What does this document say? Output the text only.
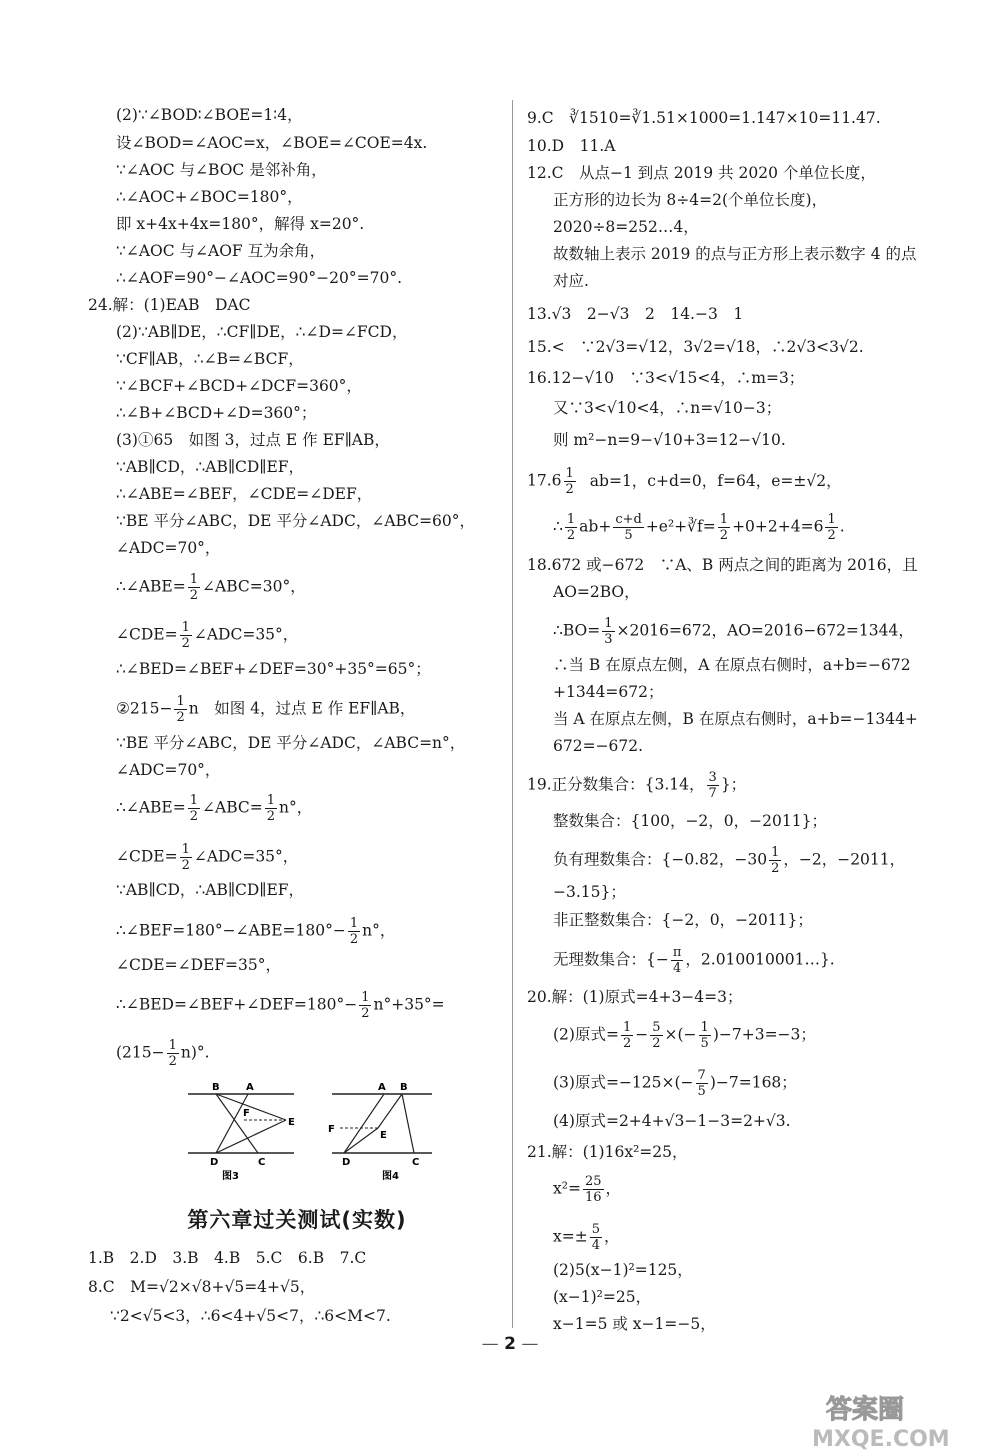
(2)∵∠BOD∶∠BOE=1∶4，
设∠BOD=∠AOC=x，∠BOE=∠COE=4x.
∵∠AOC 与∠BOC 是邻补角，
∴∠AOC+∠BOC=180°，
即 x+4x+4x=180°，解得 x=20°.
∵∠AOC 与∠AOF 互为余角，
∴∠AOF=90°−∠AOC=90°−20°=70°.
24.解：(1)EAB　DAC
(2)∵AB∥DE，∴CF∥DE，∴∠D=∠FCD，
∵CF∥AB，∴∠B=∠BCF，
∵∠BCF+∠BCD+∠DCF=360°，
∴∠B+∠BCD+∠D=360°；
(3)①65　如图 3，过点 E 作 EF∥AB，
∵AB∥CD，∴AB∥CD∥EF，
∴∠ABE=∠BEF，∠CDE=∠DEF，
∵BE 平分∠ABC，DE 平分∠ADC，∠ABC=60°，
∠ADC=70°，
∴∠ABE= $\frac{1}{2}$ ∠ABC=30°，
∠CDE= $\frac{1}{2}$ ∠ADC=35°，
∴∠BED=∠BEF+∠DEF=30°+35°=65°；
②215− $\frac{1}{2}$ n　如图 4，过点 E 作 EF∥AB，
∵BE 平分∠ABC，DE 平分∠ADC，∠ABC=n°，
∠ADC=70°，
∴∠ABE= $\frac{1}{2}$ ∠ABC= $\frac{1}{2} n^\circ$，
∠CDE= $\frac{1}{2}$ ∠ADC=35°，
∵AB∥CD，∴AB∥CD∥EF，
∴∠BEF=180°−∠ABE=180°− $\frac{1}{2} n^\circ$，
∠CDE=∠DEF=35°，
∴∠BED=∠BEF+∠DEF=180°− $\frac{1}{2} n^\circ+35^\circ=$
$(215- \frac{1}{2} n)^\circ$.
B	A
F
E
D	C
图3
A B
F
E
D	C
图4
第六章过关测试(实数)
1.B　2.D　3.B　4.B　5.C　6.B　7.C
8.C　M=√2×√8+√5=4+√5，
∵2<√5<3，∴6<4+√5<7，∴6<M<7.
9.C　∛1510=∛1.51×1000=1.147×10=11.47.
10.D　11.A
12.C　从点−1 到点 2019 共 2020 个单位长度，
正方形的边长为 8÷4=2(个单位长度)，
2020÷8=252…4，
故数轴上表示 2019 的点与正方形上表示数字 4 的点
对应.
13.√3　2−√3　2　14.−3　1
15.<　∵2√3=√12，3√2=√18，∴2√3<3√2.
16.12−√10　∵3<√15<4，∴m=3；
又∵3<√10<4，∴n=√10−3；
则 m²−n=9−√10+3=12−√10.
$17.6 \frac{1}{2} ab=1$，c+d=0，f=64，e=±√2，
∴ $\frac{1}{2} ab+ \frac{c+d}{5}$ +e²+∛f= $\frac{1}{2} +0+2+4=6 \frac{1}{2}$ .
18.672 或−672　∵A、B 两点之间的距离为 2016，且
AO=2BO，
∴BO= $\frac{1}{3} \times 2016=672$，AO=2016−672=1344，
∴当 B 在原点左侧，A 在原点右侧时，a+b=−672
+1344=672；
当 A 在原点左侧，B 在原点右侧时，a+b=−1344+
672=−672.
19.正分数集合：{3.14， $\frac{3}{7}$ }；
整数集合：{100，−2，0，−2011}；
负有理数集合：{−0.82，$-30 \frac{1}{2}$ ，−2，−2011，
−3.15}；
非正整数集合：{−2，0，−2011}；
无理数集合：{− $\frac{\pi}{4}$ ，2.010010001…}.
20.解：(1)原式=4+3−4=3；
(2)原式= $\frac{1}{2} - \frac{5}{2}$ ×(− $\frac{1}{5} )-7+3=-3$；
(3)原式$=-125\times(- \frac{7}{5} )-7=168$；
(4)原式=2+4+√3−1−3=2+√3.
21.解：(1)16x²=25，
$x^2= \frac{25}{16}$ ，
$x=\pm \frac{5}{4}$ ，
(2)5(x−1)²=125，
(x−1)²=25，
x−1=5 或 x−1=−5，
— 2 —
答案圈
MXQE.COM
